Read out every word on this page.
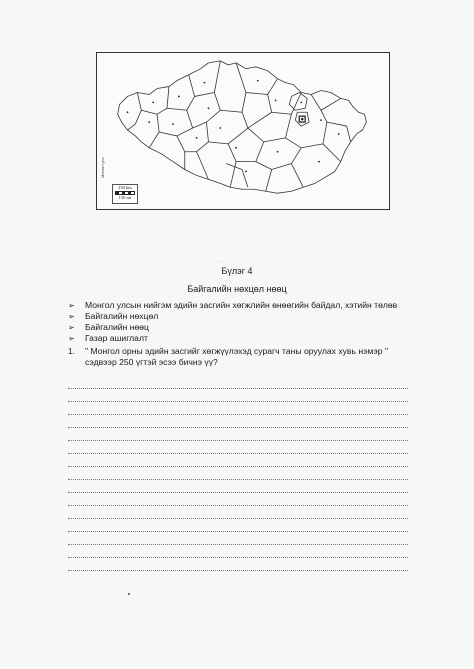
Монгол улс
250 km
150 mi
- - - -
Бүлэг 4
Байгалийн нөхцөл нөөц
➢ Монгол улсын нийгэм эдийн засгийн хөгжлийн өнөөгийн байдал, хэтийн төлөв
➢ Байгалийн нөхцөл
➢ Байгалийн нөөц
➢ Газар ашиглалт
1.	" Монгол орны эдийн засгийг хөгжүүлэхэд сурагч таны оруулах хувь нэмэр " сэдвээр 250 үгтэй эсээ бичнэ үү?
